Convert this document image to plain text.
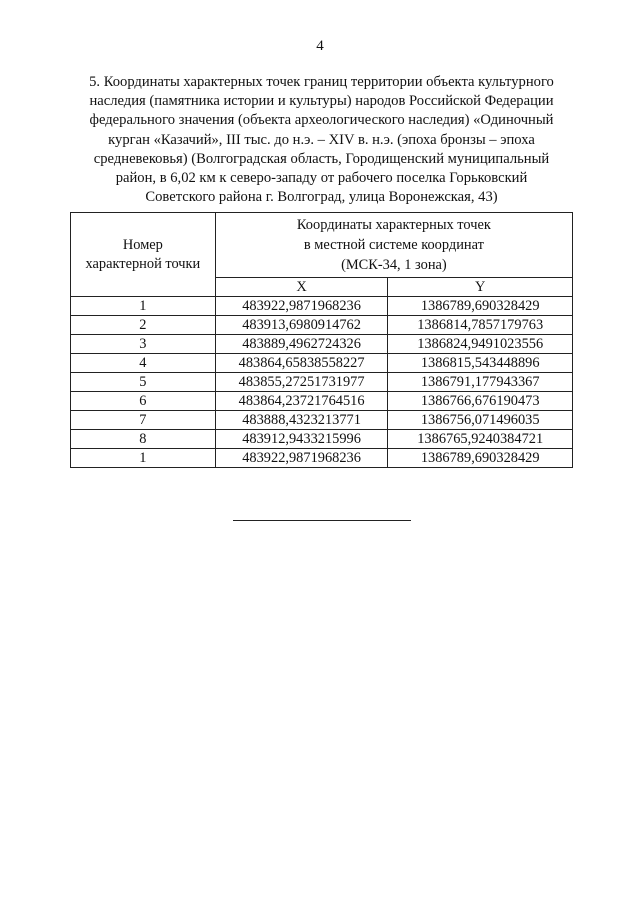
4
5. Координаты характерных точек границ территории объекта культурного
наследия (памятника истории и культуры) народов Российской Федерации
федерального значения (объекта археологического наследия) «Одиночный
курган «Казачий», III тыс. до н.э. – XIV в. н.э. (эпоха бронзы – эпоха
средневековья) (Волгоградская область, Городищенский муниципальный
район, в 6,02 км к северо-западу от рабочего поселка Горьковский
Советского района г. Волгоград, улица Воронежская, 43)
Номер
характерной точки	Координаты характерных точек
в местной системе координат
(МСК-34, 1 зона)	

	X	Y
1	483922,9871968236	1386789,690328429
2	483913,6980914762	1386814,7857179763
3	483889,4962724326	1386824,9491023556
4	483864,65838558227	1386815,543448896
5	483855,27251731977	1386791,177943367
6	483864,23721764516	1386766,676190473
7	483888,4323213771	1386756,071496035
8	483912,9433215996	1386765,9240384721
1	483922,9871968236	1386789,690328429
